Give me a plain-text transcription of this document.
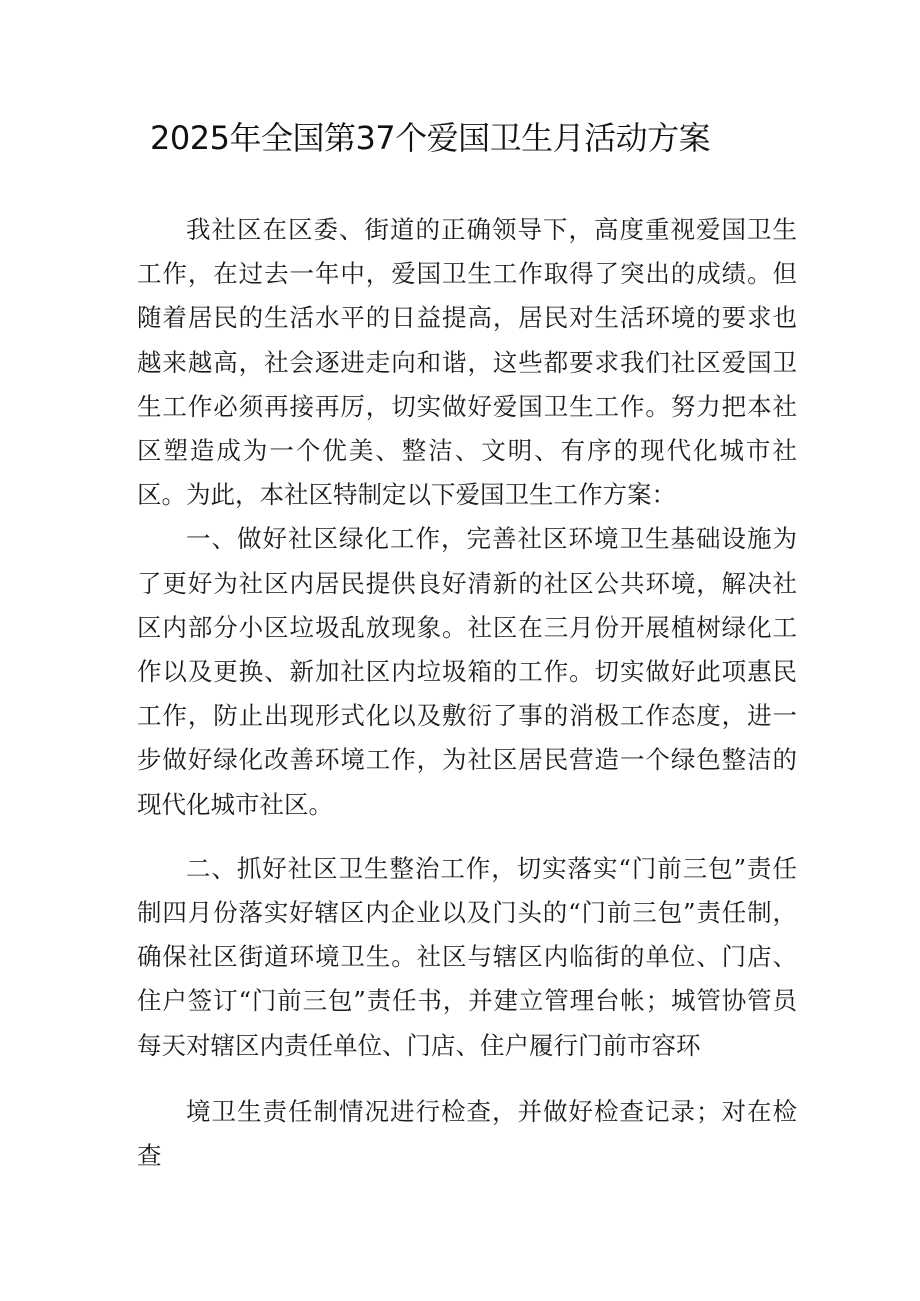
2025年全国第37个爱国卫生月活动方案

我社区在区委、街道的正确领导下，高度重视爱国卫生工作，在过去一年中，爱国卫生工作取得了突出的成绩。但随着居民的生活水平的日益提高，居民对生活环境的要求也越来越高，社会逐进走向和谐，这些都要求我们社区爱国卫生工作必须再接再厉，切实做好爱国卫生工作。努力把本社区塑造成为一个优美、整洁、文明、有序的现代化城市社区。为此，本社区特制定以下爱国卫生工作方案：

一、做好社区绿化工作，完善社区环境卫生基础设施为了更好为社区内居民提供良好清新的社区公共环境，解决社区内部分小区垃圾乱放现象。社区在三月份开展植树绿化工作以及更换、新加社区内垃圾箱的工作。切实做好此项惠民工作，防止出现形式化以及敷衍了事的消极工作态度，进一步做好绿化改善环境工作，为社区居民营造一个绿色整洁的现代化城市社区。

二、抓好社区卫生整治工作，切实落实“门前三包”责任制四月份落实好辖区内企业以及门头的“门前三包”责任制，确保社区街道环境卫生。社区与辖区内临街的单位、门店、住户签订“门前三包”责任书，并建立管理台帐；城管协管员每天对辖区内责任单位、门店、住户履行门前市容环

境卫生责任制情况进行检查，并做好检查记录；对在检查
